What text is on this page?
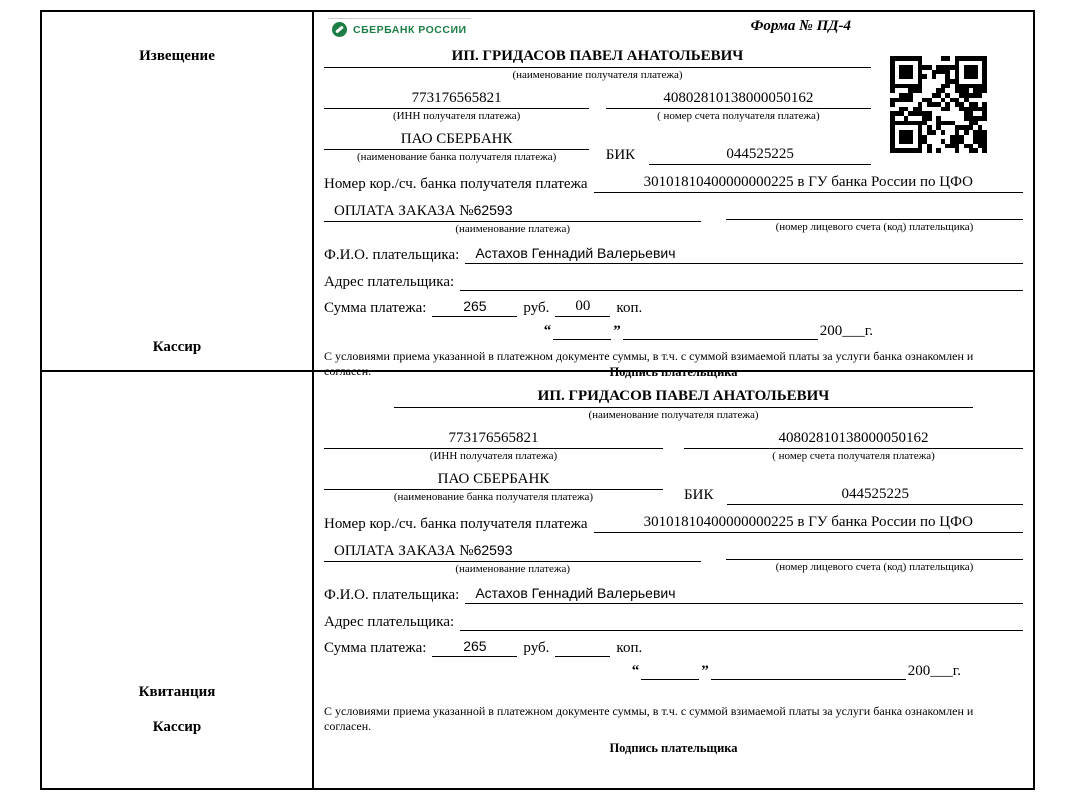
Извещение
Кассир
СБЕРБАНК РОССИИ	Форма № ПД-4
ИП. ГРИДАСОВ ПАВЕЛ АНАТОЛЬЕВИЧ
(наименование получателя платежа)
773176565821
(ИНН получателя платежа)
40802810138000050162
( номер счета получателя платежа)
ПАО СБЕРБАНК
(наименование банка получателя платежа)	БИК	044525225
Номер кор./сч. банка получателя платежа	30101810400000000225 в ГУ банка России по ЦФО
ОПЛАТА ЗАКАЗА №62593
(наименование платежа)	(номер лицевого счета (код) плательщика)
Ф.И.О. плательщика:	Астахов Геннадий Валерьевич
Адрес плательщика:
Сумма платежа:	265	руб.	00	коп.
“	”	200___г.
С условиями приема указанной в платежном документе суммы, в т.ч. с суммой взимаемой платы за услуги банка ознакомлен и согласен.	Подпись плательщика
Квитанция
Кассир
ИП. ГРИДАСОВ ПАВЕЛ АНАТОЛЬЕВИЧ
(наименование получателя платежа)
773176565821
(ИНН получателя платежа)
40802810138000050162
( номер счета получателя платежа)
ПАО СБЕРБАНК
(наименование банка получателя платежа)	БИК	044525225
Номер кор./сч. банка получателя платежа	30101810400000000225 в ГУ банка России по ЦФО
ОПЛАТА ЗАКАЗА №62593
(наименование платежа)	(номер лицевого счета (код) плательщика)
Ф.И.О. плательщика:	Астахов Геннадий Валерьевич
Адрес плательщика:
Сумма платежа:	265	руб.	коп.
“	”	200___г.
С условиями приема указанной в платежном документе суммы, в т.ч. с суммой взимаемой платы за услуги банка ознакомлен и согласен.
Подпись плательщика
